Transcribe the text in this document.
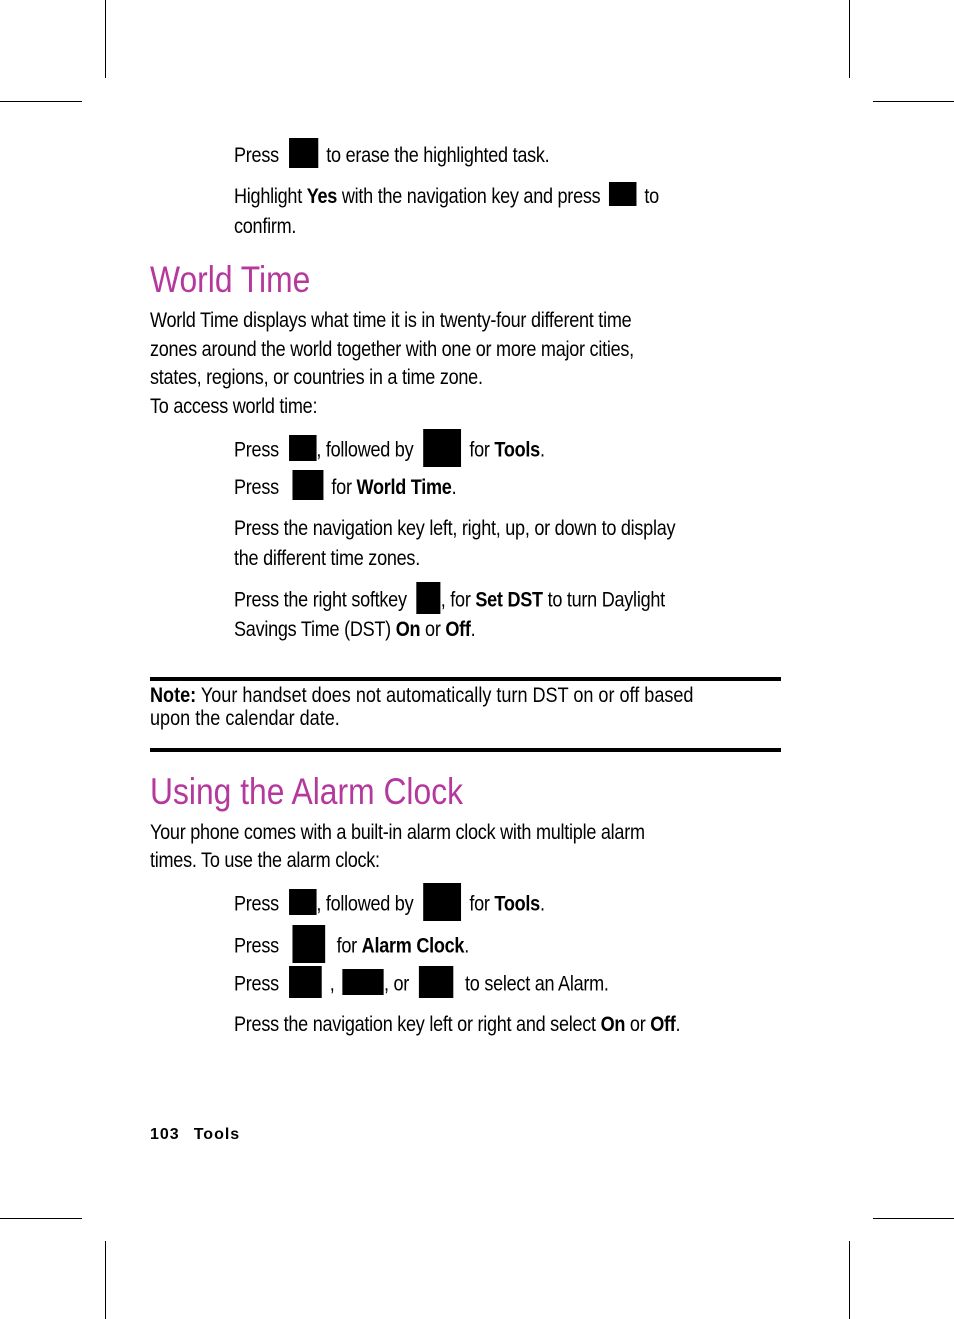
Press to erase the highlighted task.
Highlight Yes with the navigation key and press to
confirm.
World Time
World Time displays what time it is in twenty-four different time
zones around the world together with one or more major cities,
states, regions, or countries in a time zone.
To access world time:
Press , followed by	for Tools.
Press	for World Time.
Press the navigation key left, right, up, or down to display
the different time zones.
Press the right softkey , for Set DST to turn Daylight
Savings Time (DST) On or Off.
Note: Your handset does not automatically turn DST on or off based
upon the calendar date.
Using the Alarm Clock
Your phone comes with a built-in alarm clock with multiple alarm
times. To use the alarm clock:
Press , followed by	for Tools.
Press	for Alarm Clock.
Press , , or	to select an Alarm.
Press the navigation key left or right and select On or Off.
103 Tools
